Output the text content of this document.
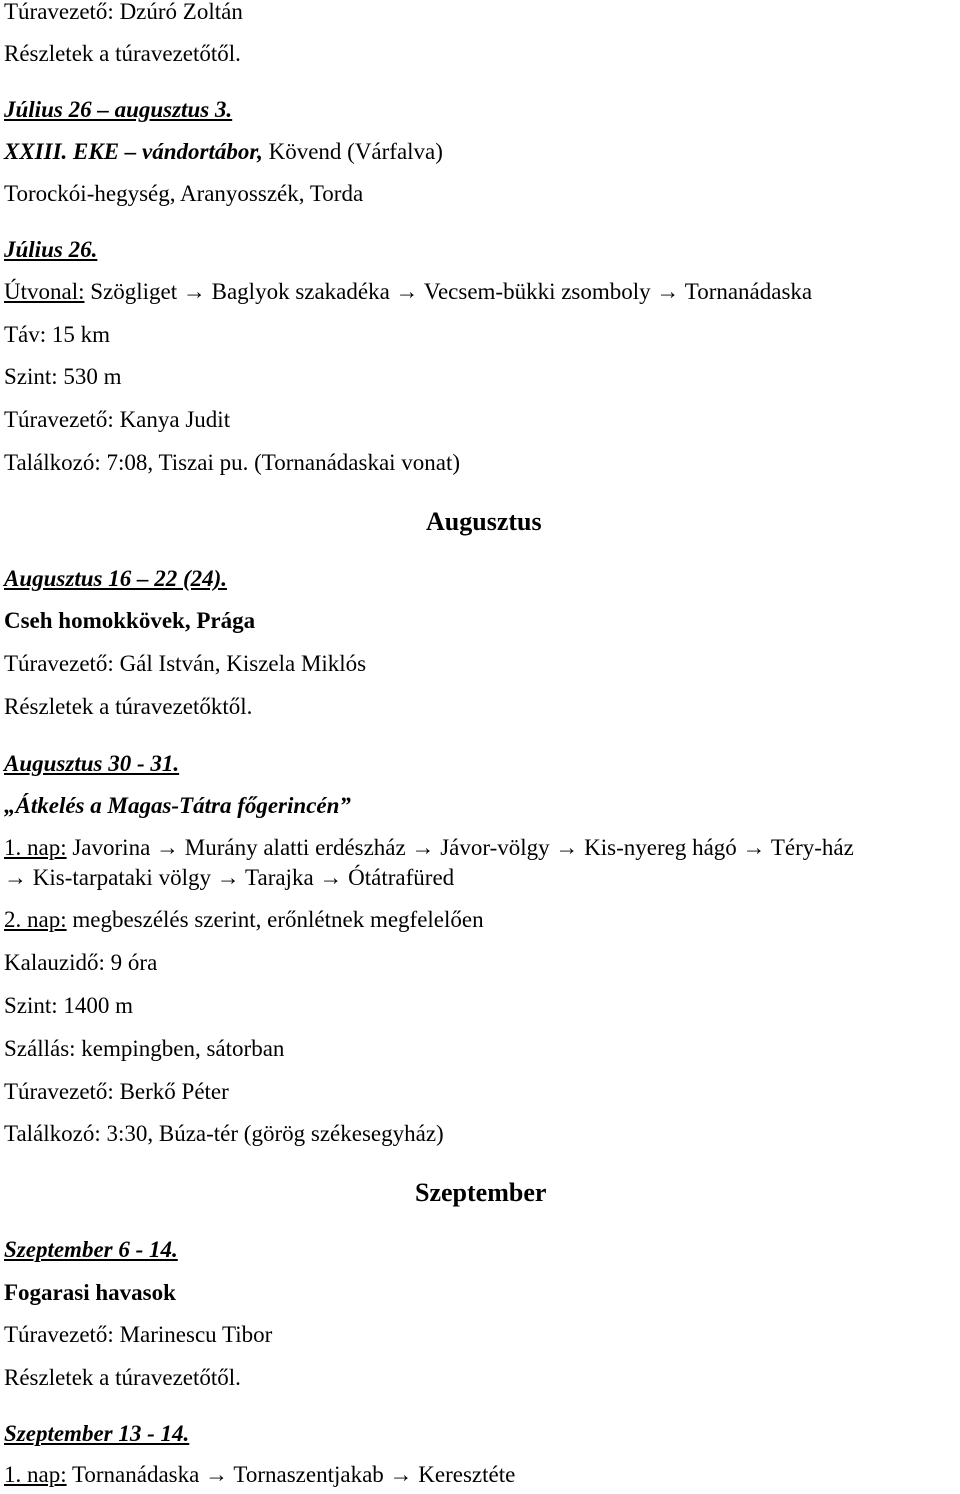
Túravezető: Dzúró Zoltán
Részletek a túravezetőtől.
Július 26 – augusztus 3.
XXIII. EKE – vándortábor, Kövend (Várfalva)
Torockói-hegység, Aranyosszék, Torda
Július 26.
Útvonal: Szögliget → Baglyok szakadéka → Vecsem-bükki zsomboly → Tornanádaska
Táv: 15 km
Szint: 530 m
Túravezető: Kanya Judit
Találkozó: 7:08, Tiszai pu. (Tornanádaskai vonat)
Augusztus
Augusztus 16 – 22 (24).
Cseh homokkövek, Prága
Túravezető: Gál István, Kiszela Miklós
Részletek a túravezetőktől.
Augusztus 30 - 31.
„Átkelés a Magas-Tátra főgerincén”
1. nap: Javorina → Murány alatti erdészház → Jávor-völgy → Kis-nyereg hágó → Téry-ház
→ Kis-tarpataki völgy → Tarajka → Ótátrafüred
2. nap: megbeszélés szerint, erőnlétnek megfelelően
Kalauzidő: 9 óra
Szint: 1400 m
Szállás: kempingben, sátorban
Túravezető: Berkő Péter
Találkozó: 3:30, Búza-tér (görög székesegyház)
Szeptember
Szeptember 6 - 14.
Fogarasi havasok
Túravezető: Marinescu Tibor
Részletek a túravezetőtől.
Szeptember 13 - 14.
1. nap: Tornanádaska → Tornaszentjakab → Keresztéte
